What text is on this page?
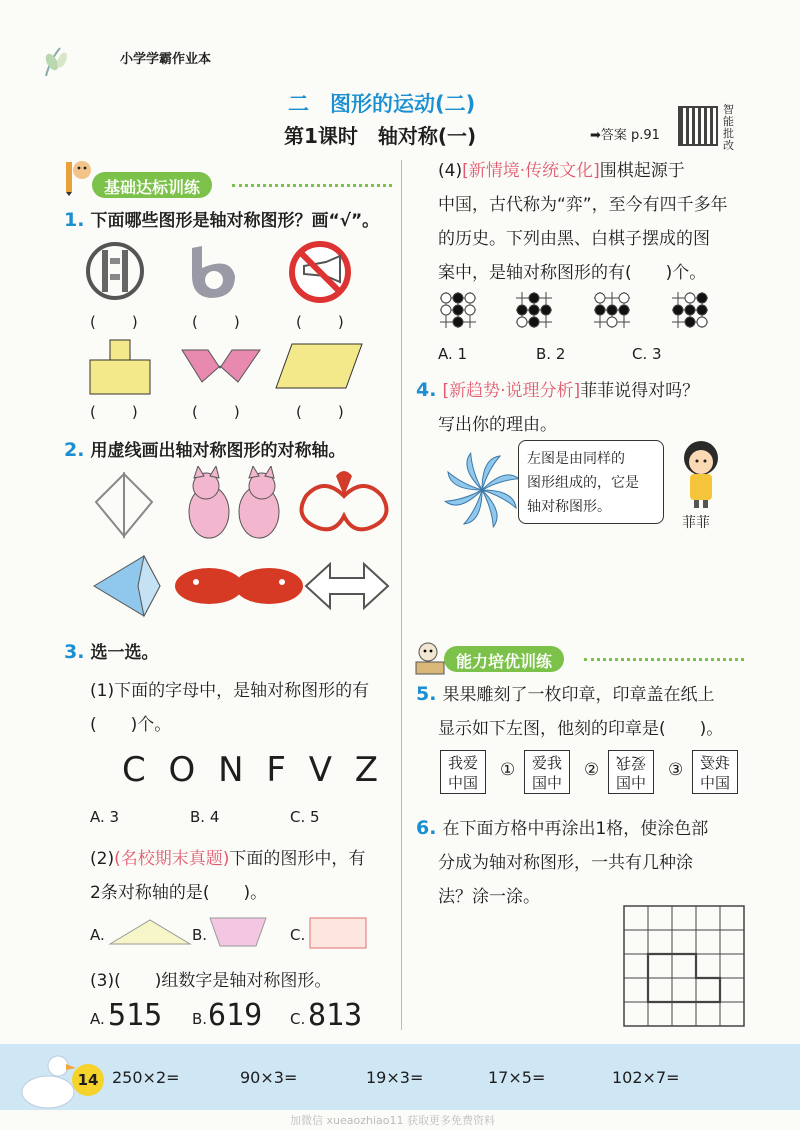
小学学霸作业本
二　图形的运动(二)
第1课时　轴对称(一)	➡答案 p.91
智
能
批
改
基础达标训练
1. 下面哪些图形是轴对称图形？画“√”。
(　　)	(　　)	(　　)
(　　)	(　　)	(　　)
2. 用虚线画出轴对称图形的对称轴。
3. 选一选。
(1)下面的字母中，是轴对称图形的有
(　　)个。
C O N F V Z
A. 3	B. 4	C. 5
(2)(名校期末真题)下面的图形中，有
2条对称轴的是(　　)。
A.	B.	C.
(3)(　　)组数字是轴对称图形。
A. 515 B. 619 C. 813
(4)[新情境·传统文化]围棋起源于
中国，古代称为“弈”，至今有四千多年
的历史。下列由黑、白棋子摆成的图
案中，是轴对称图形的有(　　)个。
A. 1	B. 2	C. 3
4. [新趋势·说理分析]菲菲说得对吗？
写出你的理由。
左图是由同样的
图形组成的，它是
轴对称图形。
菲菲
能力培优训练
5. 果果雕刻了一枚印章，印章盖在纸上
显示如下左图，他刻的印章是(　　)。
我爱
中国
①	爱我
国中
②	爱我
国中
③	我爱
中国
6. 在下面方格中再涂出1格，使涂色部
分成为轴对称图形，一共有几种涂
法？涂一涂。
14 250×2=	90×3=	19×3=	17×5=	102×7=
加微信 xueaozhiao11 获取更多免费资料
